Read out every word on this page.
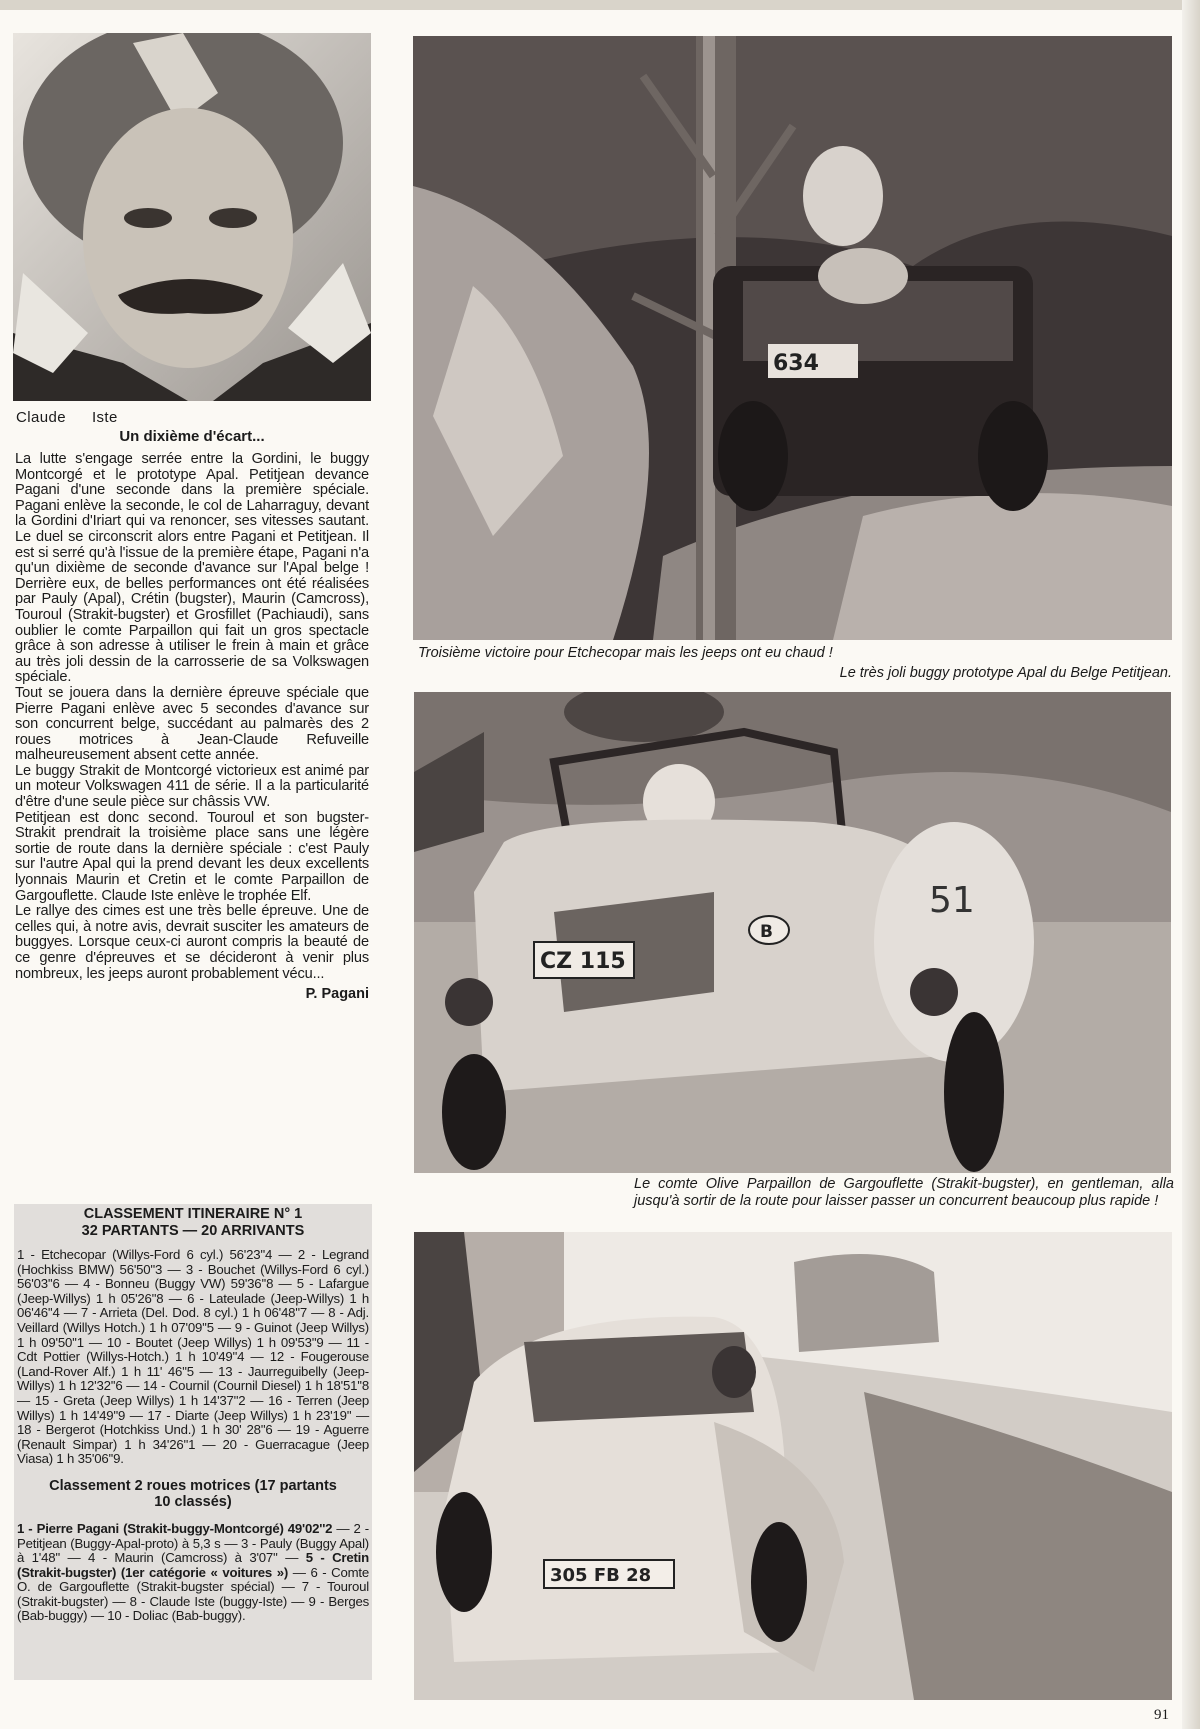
Claude Iste
Un dixième d'écart...

La lutte s'engage serrée entre la Gordini, le buggy Montcorgé et le prototype Apal. Petitjean devance Pagani d'une seconde dans la première spéciale. Pagani enlève la seconde, le col de Laharraguy, devant la Gordini d'Iriart qui va renoncer, ses vitesses sautant. Le duel se circonscrit alors entre Pagani et Petitjean. Il est si serré qu'à l'issue de la première étape, Pagani n'a qu'un dixième de seconde d'avance sur l'Apal belge ! Derrière eux, de belles performances ont été réalisées par Pauly (Apal), Crétin (bugster), Maurin (Camcross), Touroul (Strakit-bugster) et Grosfillet (Pachiaudi), sans oublier le comte Parpaillon qui fait un gros spectacle grâce à son adresse à utiliser le frein à main et grâce au très joli dessin de la carrosserie de sa Volkswagen spéciale.

Tout se jouera dans la dernière épreuve spéciale que Pierre Pagani enlève avec 5 secondes d'avance sur son concurrent belge, succédant au palmarès des 2 roues motrices à Jean-Claude Refuveille malheureusement absent cette année.

Le buggy Strakit de Montcorgé victorieux est animé par un moteur Volkswagen 411 de série. Il a la particularité d'être d'une seule pièce sur châssis VW.

Petitjean est donc second. Touroul et son bugster-Strakit prendrait la troisième place sans une légère sortie de route dans la dernière spéciale : c'est Pauly sur l'autre Apal qui la prend devant les deux excellents lyonnais Maurin et Cretin et le comte Parpaillon de Gargouflette. Claude Iste enlève le trophée Elf.

Le rallye des cimes est une très belle épreuve. Une de celles qui, à notre avis, devrait susciter les amateurs de buggyes. Lorsque ceux-ci auront compris la beauté de ce genre d'épreuves et se décideront à venir plus nombreux, les jeeps auront probablement vécu...

P. Pagani

CLASSEMENT ITINERAIRE N° 1
32 PARTANTS — 20 ARRIVANTS

1 - Etchecopar (Willys-Ford 6 cyl.) 56'23''4 — 2 - Legrand (Hochkiss BMW) 56'50''3 — 3 - Bouchet (Willys-Ford 6 cyl.) 56'03''6 — 4 - Bonneu (Buggy VW) 59'36''8 — 5 - Lafargue (Jeep-Willys) 1 h 05'26''8 — 6 - Lateulade (Jeep-Willys) 1 h 06'46''4 — 7 - Arrieta (Del. Dod. 8 cyl.) 1 h 06'48''7 — 8 - Adj. Veillard (Willys Hotch.) 1 h 07'09''5 — 9 - Guinot (Jeep Willys) 1 h 09'50''1 — 10 - Boutet (Jeep Willys) 1 h 09'53''9 — 11 - Cdt Pottier (Willys-Hotch.) 1 h 10'49''4 — 12 - Fougerouse (Land-Rover Alf.) 1 h 11' 46''5 — 13 - Jaurreguibelly (Jeep-Willys) 1 h 12'32''6 — 14 - Cournil (Cournil Diesel) 1 h 18'51''8 — 15 - Greta (Jeep Willys) 1 h 14'37''2 — 16 - Terren (Jeep Willys) 1 h 14'49''9 — 17 - Diarte (Jeep Willys) 1 h 23'19'' — 18 - Bergerot (Hotchkiss Und.) 1 h 30' 28''6 — 19 - Aguerre (Renault Simpar) 1 h 34'26''1 — 20 - Guerracague (Jeep Viasa) 1 h 35'06''9.

Classement 2 roues motrices (17 partants
10 classés)

1 - Pierre Pagani (Strakit-buggy-Montcorgé) 49'02''2 — 2 - Petitjean (Buggy-Apal-proto) à 5,3 s — 3 - Pauly (Buggy Apal) à 1'48'' — 4 - Maurin (Camcross) à 3'07'' — 5 - Cretin (Strakit-bugster) (1er catégorie « voitures ») — 6 - Comte O. de Gargouflette (Strakit-bugster spécial) — 7 - Touroul (Strakit-bugster) — 8 - Claude Iste (buggy-Iste) — 9 - Berges (Bab-buggy) — 10 - Doliac (Bab-buggy).

634
Troisième victoire pour Etchecopar mais les jeeps ont eu chaud !
Le très joli buggy prototype Apal du Belge Petitjean.
CZ 115
B
51
Le comte Olive Parpaillon de Gargouflette (Strakit-bugster), en gentleman, alla jusqu'à sortir de la route pour laisser passer un concurrent beaucoup plus rapide !
305 FB 28
91
